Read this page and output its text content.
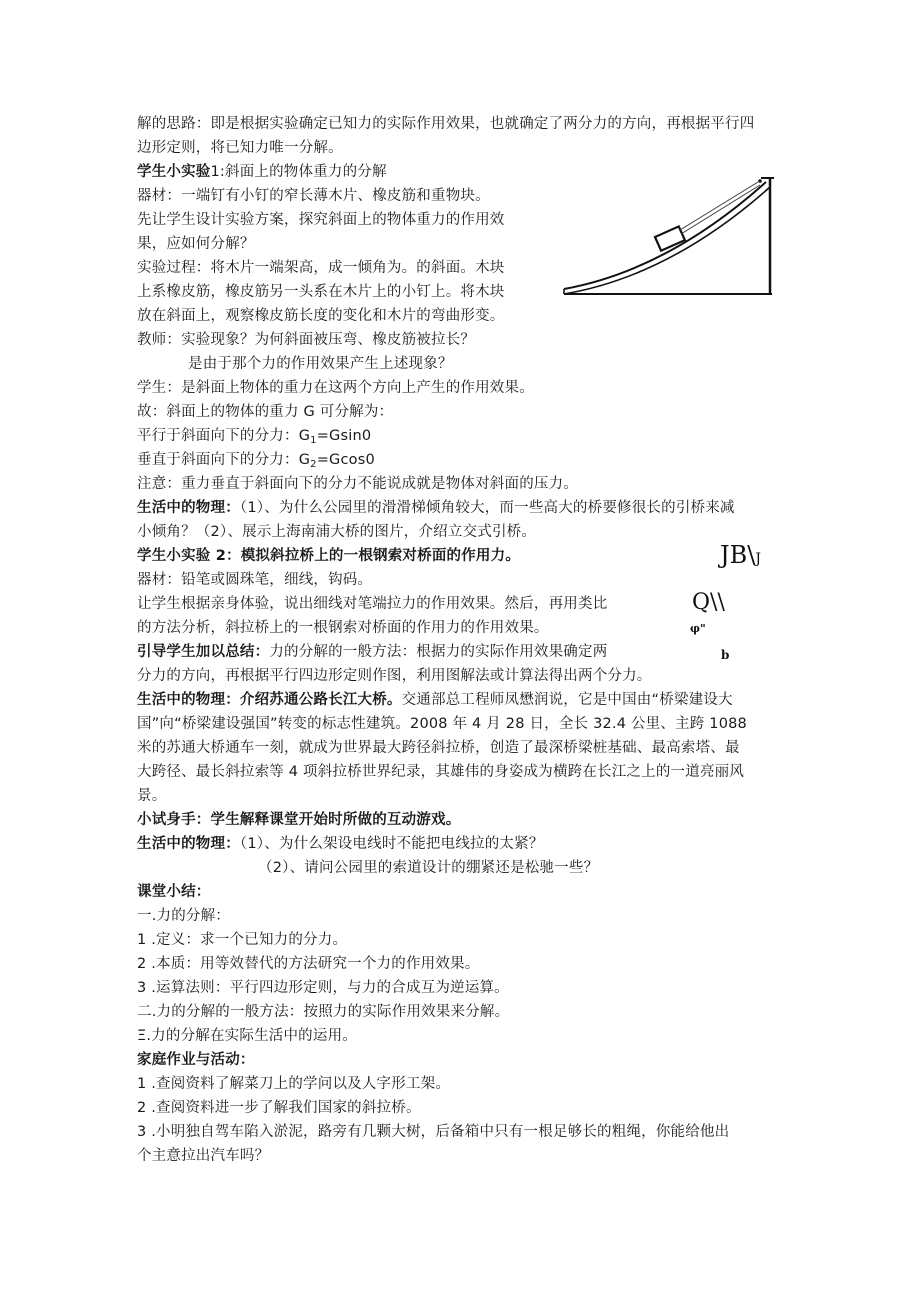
解的思路：即是根据实验确定已知力的实际作用效果，也就确定了两分力的方向，再根据平行四
边形定则，将已知力唯一分解。
学生小实验1:斜面上的物体重力的分解
器材：一端钉有小钉的窄长薄木片、橡皮筋和重物块。
先让学生设计实验方案，探究斜面上的物体重力的作用效
果，应如何分解？
实验过程：将木片一端架高，成一倾角为。的斜面。木块
上系橡皮筋，橡皮筋另一头系在木片上的小钉上。将木块
放在斜面上，观察橡皮筋长度的变化和木片的弯曲形变。
教师：实验现象？为何斜面被压弯、橡皮筋被拉长？
是由于那个力的作用效果产生上述现象？
学生：是斜面上物体的重力在这两个方向上产生的作用效果。
故：斜面上的物体的重力 G 可分解为：
平行于斜面向下的分力：$G_1=Gsin0$
垂直于斜面向下的分力：$G_2=Gcos0$
注意：重力垂直于斜面向下的分力不能说成就是物体对斜面的压力。
生活中的物理：（1）、为什么公园里的滑滑梯倾角较大，而一些高大的桥要修很长的引桥来减
小倾角？（2）、展示上海南浦大桥的图片，介绍立交式引桥。
学生小实验 2：模拟斜拉桥上的一根钢索对桥面的作用力。
器材：铅笔或圆珠笔，细线，钩码。
让学生根据亲身体验，说出细线对笔端拉力的作用效果。然后，再用类比
的方法分析，斜拉桥上的一根钢索对桥面的作用力的作用效果。
引导学生加以总结：力的分解的一般方法：根据力的实际作用效果确定两
分力的方向，再根据平行四边形定则作图，利用图解法或计算法得出两个分力。
生活中的物理：介绍苏通公路长江大桥。交通部总工程师凤懋润说，它是中国由“桥梁建设大
国”向“桥梁建设强国”转变的标志性建筑。2008 年 4 月 28 日，全长 32.4 公里、主跨 1088
米的苏通大桥通车一刻，就成为世界最大跨径斜拉桥，创造了最深桥梁桩基础、最高索塔、最
大跨径、最长斜拉索等 4 项斜拉桥世界纪录，其雄伟的身姿成为横跨在长江之上的一道亮丽风
景。
小试身手：学生解释课堂开始时所做的互动游戏。
生活中的物理：（1）、为什么架设电线时不能把电线拉的太紧？
（2）、请问公园里的索道设计的绷紧还是松驰一些？
课堂小结：
一.力的分解：
1 .定义：求一个已知力的分力。
2 .本质：用等效替代的方法研究一个力的作用效果。
3 .运算法则：平行四边形定则，与力的合成互为逆运算。
二.力的分解的一般方法：按照力的实际作用效果来分解。
Ξ.力的分解在实际生活中的运用。
家庭作业与活动：
1 .查阅资料了解菜刀上的学问以及人字形工架。
2 .查阅资料进一步了解我们国家的斜拉桥。
3 .小明独自驾车陷入淤泥，路旁有几颗大树，后备箱中只有一根足够长的粗绳，你能给他出
个主意拉出汽车吗？
JB\J
Q\\
φ"
b
